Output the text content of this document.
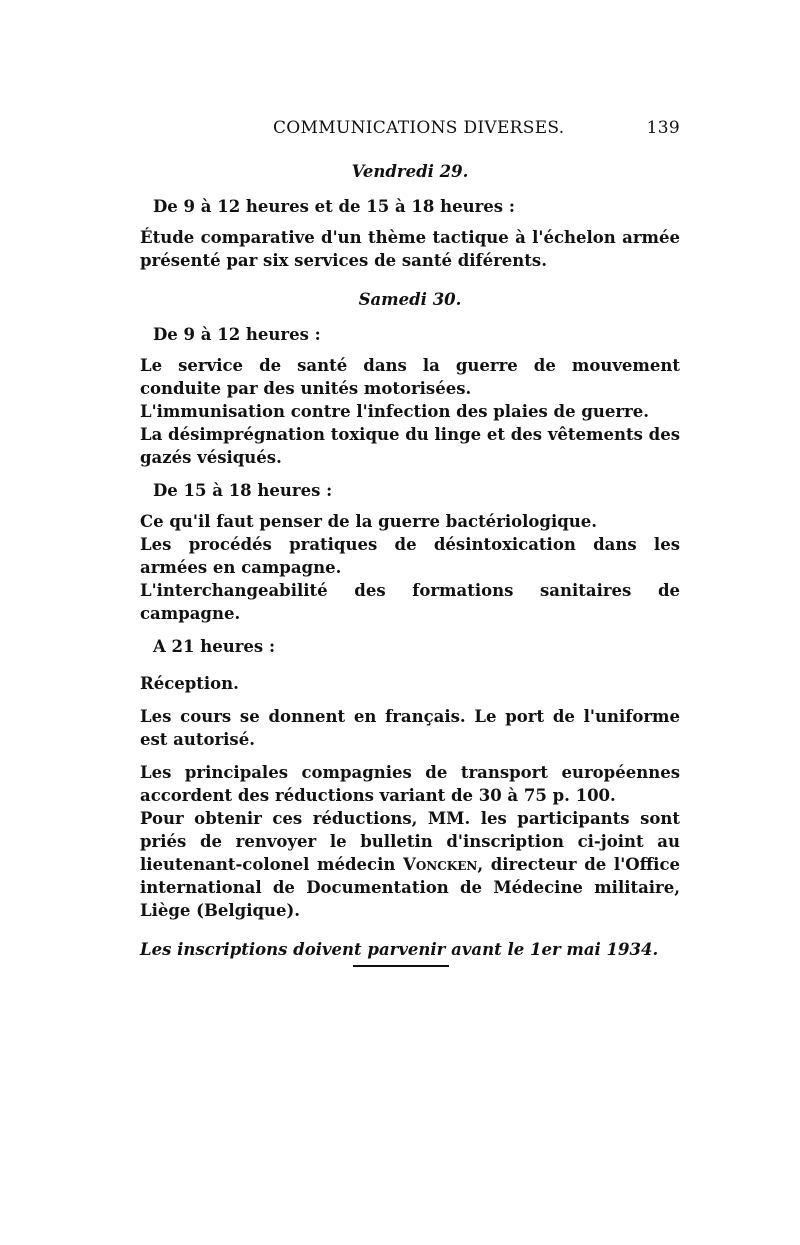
COMMUNICATIONS DIVERSES.	139

Vendredi 29.

De 9 à 12 heures et de 15 à 18 heures :

Étude comparative d'un thème tactique à l'échelon armée présenté par six services de santé diférents.

Samedi 30.

De 9 à 12 heures :

Le service de santé dans la guerre de mouvement conduite par des unités motorisées.

L'immunisation contre l'infection des plaies de guerre.

La désimprégnation toxique du linge et des vêtements des gazés vésiqués.

De 15 à 18 heures :

Ce qu'il faut penser de la guerre bactériologique.

Les procédés pratiques de désintoxication dans les armées en campagne.

L'interchangeabilité des formations sanitaires de campagne.

A 21 heures :

Réception.

Les cours se donnent en français. Le port de l'uniforme est autorisé.

Les principales compagnies de transport européennes accordent des réductions variant de 30 à 75 p. 100.

Pour obtenir ces réductions, MM. les participants sont priés de renvoyer le bulletin d'inscription ci-joint au lieutenant-colonel médecin Voncken, directeur de l'Office international de Documentation de Médecine militaire, Liège (Belgique).

Les inscriptions doivent parvenir avant le 1er mai 1934.
